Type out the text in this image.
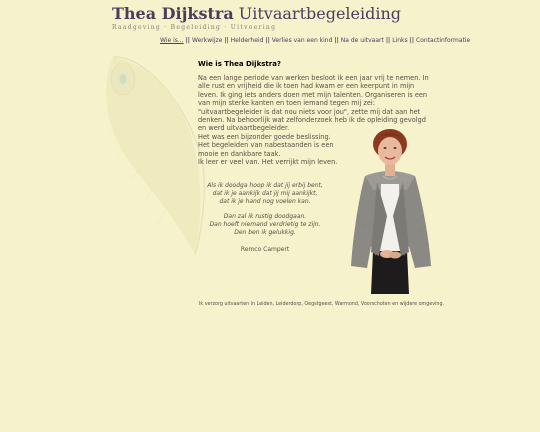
Thea Dijkstra Uitvaartbegeleiding
Raadgeving · Begeleiding · Uitvoering
Wie is... || Werkwijze || Helderheid || Verlies van een kind || Na de uitvaart || Links || Contactinformatie
Wie is Thea Dijkstra?
Na een lange periode van werken besloot ik een jaar vrij te nemen. In alle rust en vrijheid die ik toen had kwam er een keerpunt in mijn leven. Ik ging iets anders doen met mijn talenten. Organiseren is een van mijn sterke kanten en toen iemand tegen mij zei: "uitvaartbegeleider is dat nou niets voor jou", zette mij dat aan het denken. Na behoorlijk wat zelfonderzoek heb ik de opleiding gevolgd en werd uitvaartbegeleider.
Het was een bijzonder goede beslissing.
Het begeleiden van nabestaanden is een
mooie en dankbare taak.
Ik leer er veel van. Het verrijkt mijn leven.
Als ik doodga hoop ik dat jij erbij bent,
dat ik je aankijk dat jij mij aankijkt,
dat ik je hand nog voelen kan.
Dan zal ik rustig doodgaan.
Dan hoeft niemand verdrietig te zijn.
Den ben ik gelukkig.
Remco Campert
Ik verzorg uitvaarten in Leiden, Leiderdorp, Oegstgeest, Warmond, Voorschoten en wijdere omgeving.
